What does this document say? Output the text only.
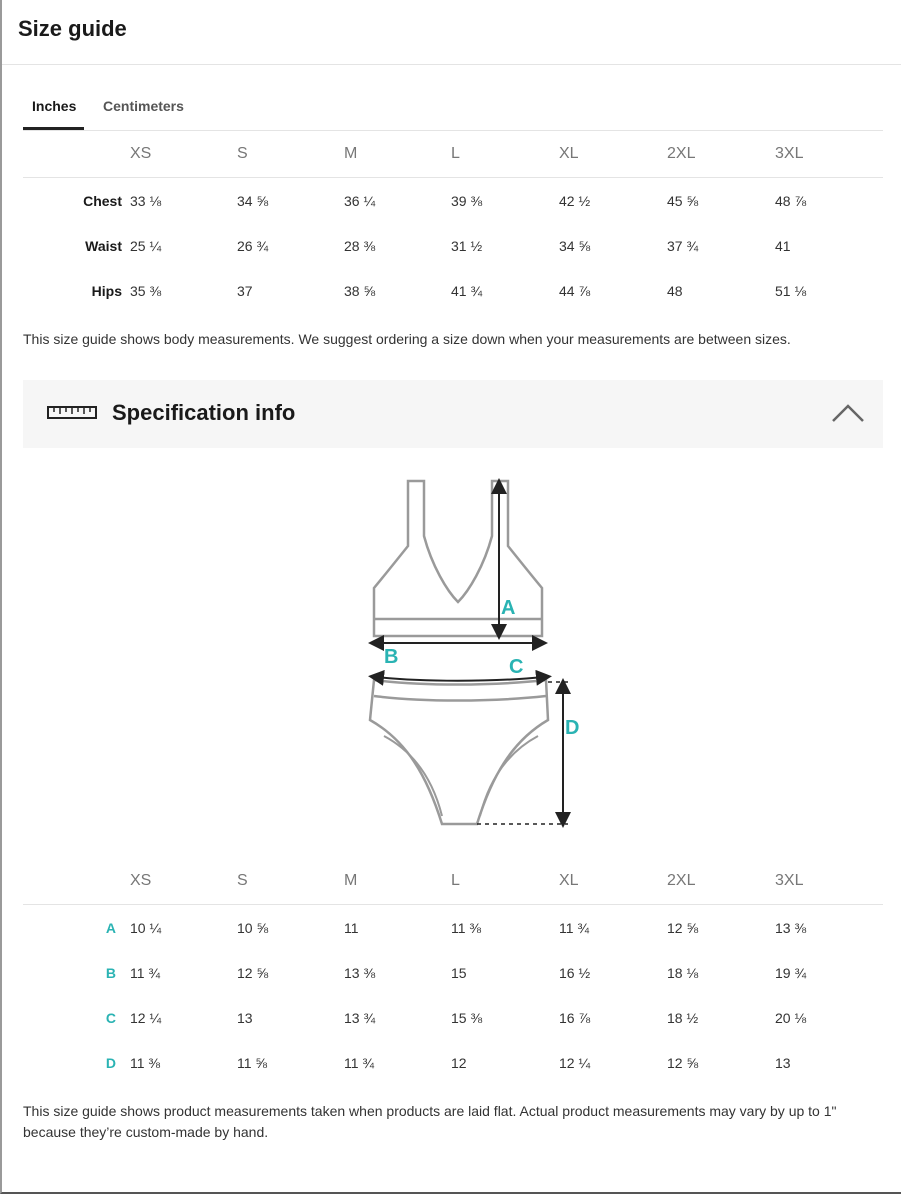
Size guide
Inches Centimeters
	XS	S	M	L	XL	2XL	3XL
Chest	33 ⅛	34 ⅝	36 ¼	39 ⅜	42 ½	45 ⅝	48 ⅞
Waist	25 ¼	26 ¾	28 ⅜	31 ½	34 ⅝	37 ¾	41
Hips	35 ⅜	37	38 ⅝	41 ¾	44 ⅞	48	51 ⅛
This size guide shows body measurements. We suggest ordering a size down when your measurements are between sizes.
Specification info
A
B	C
D
	XS	S	M	L	XL	2XL	3XL
A	10 ¼	10 ⅝	11	11 ⅜	11 ¾	12 ⅝	13 ⅜
B	11 ¾	12 ⅝	13 ⅜	15	16 ½	18 ⅛	19 ¾
C	12 ¼	13	13 ¾	15 ⅜	16 ⅞	18 ½	20 ⅛
D	11 ⅜	11 ⅝	11 ¾	12	12 ¼	12 ⅝	13
This size guide shows product measurements taken when products are laid flat. Actual product measurements may vary by up to 1" because they’re custom-made by hand.
